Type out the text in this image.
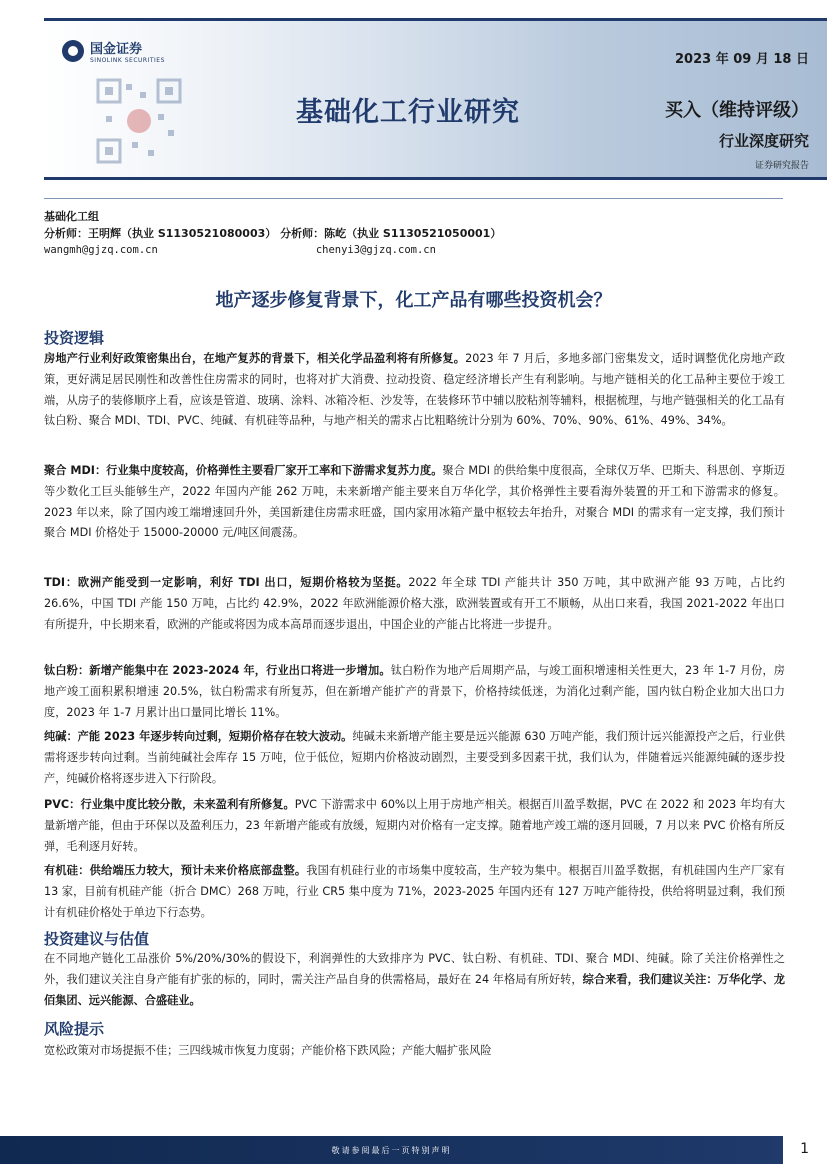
国金证券
SINOLINK SECURITIES	2023 年 09 月 18 日
基础化工行业研究	买入（维持评级）
行业深度研究
证券研究报告
基础化工组
分析师：王明辉（执业 S1130521080003） 分析师：陈屹（执业 S1130521050001）
wangmh@gjzq.com.cn                         chenyi3@gjzq.com.cn
地产逐步修复背景下，化工产品有哪些投资机会？
投资逻辑

房地产行业利好政策密集出台，在地产复苏的背景下，相关化学品盈利将有所修复。2023 年 7 月后，多地多部门密集发文，适时调整优化房地产政策，更好满足居民刚性和改善性住房需求的同时，也将对扩大消费、拉动投资、稳定经济增长产生有利影响。与地产链相关的化工品种主要位于竣工端，从房子的装修顺序上看，应该是管道、玻璃、涂料、冰箱冷柜、沙发等，在装修环节中辅以胶粘剂等辅料，根据梳理，与地产链强相关的化工品有钛白粉、聚合 MDI、TDI、PVC、纯碱、有机硅等品种，与地产相关的需求占比粗略统计分别为 60%、70%、90%、61%、49%、34%。

聚合 MDI：行业集中度较高，价格弹性主要看厂家开工率和下游需求复苏力度。聚合 MDI 的供给集中度很高，全球仅万华、巴斯夫、科思创、亨斯迈等少数化工巨头能够生产，2022 年国内产能 262 万吨，未来新增产能主要来自万华化学，其价格弹性主要看海外装置的开工和下游需求的修复。2023 年以来，除了国内竣工端增速回升外，美国新建住房需求旺盛，国内家用冰箱产量中枢较去年抬升，对聚合 MDI 的需求有一定支撑，我们预计聚合 MDI 价格处于 15000-20000 元/吨区间震荡。

TDI：欧洲产能受到一定影响，利好 TDI 出口，短期价格较为坚挺。2022 年全球 TDI 产能共计 350 万吨，其中欧洲产能 93 万吨，占比约 26.6%，中国 TDI 产能 150 万吨，占比约 42.9%，2022 年欧洲能源价格大涨，欧洲装置或有开工不顺畅，从出口来看，我国 2021-2022 年出口有所提升，中长期来看，欧洲的产能或将因为成本高昂而逐步退出，中国企业的产能占比将进一步提升。

钛白粉：新增产能集中在 2023-2024 年，行业出口将进一步增加。钛白粉作为地产后周期产品，与竣工面积增速相关性更大，23 年 1-7 月份，房地产竣工面积累积增速 20.5%，钛白粉需求有所复苏，但在新增产能扩产的背景下，价格持续低迷，为消化过剩产能，国内钛白粉企业加大出口力度，2023 年 1-7 月累计出口量同比增长 11%。

纯碱：产能 2023 年逐步转向过剩，短期价格存在较大波动。纯碱未来新增产能主要是远兴能源 630 万吨产能，我们预计远兴能源投产之后，行业供需将逐步转向过剩。当前纯碱社会库存 15 万吨，位于低位，短期内价格波动剧烈，主要受到多因素干扰，我们认为，伴随着远兴能源纯碱的逐步投产，纯碱价格将逐步进入下行阶段。

PVC：行业集中度比较分散，未来盈利有所修复。PVC 下游需求中 60%以上用于房地产相关。根据百川盈孚数据，PVC 在 2022 和 2023 年均有大量新增产能，但由于环保以及盈利压力，23 年新增产能或有放缓，短期内对价格有一定支撑。随着地产竣工端的逐月回暖，7 月以来 PVC 价格有所反弹，毛利逐月好转。

有机硅：供给端压力较大，预计未来价格底部盘整。我国有机硅行业的市场集中度较高，生产较为集中。根据百川盈孚数据，有机硅国内生产厂家有 13 家，目前有机硅产能（折合 DMC）268 万吨，行业 CR5 集中度为 71%，2023-2025 年国内还有 127 万吨产能待投，供给将明显过剩，我们预计有机硅价格处于单边下行态势。

投资建议与估值

在不同地产链化工品涨价 5%/20%/30%的假设下，利润弹性的大致排序为 PVC、钛白粉、有机硅、TDI、聚合 MDI、纯碱。除了关注价格弹性之外，我们建议关注自身产能有扩张的标的，同时，需关注产品自身的供需格局，最好在 24 年格局有所好转，综合来看，我们建议关注：万华化学、龙佰集团、远兴能源、合盛硅业。

风险提示

宽松政策对市场提振不佳；三四线城市恢复力度弱；产能价格下跌风险；产能大幅扩张风险

敬请参阅最后一页特别声明	1
